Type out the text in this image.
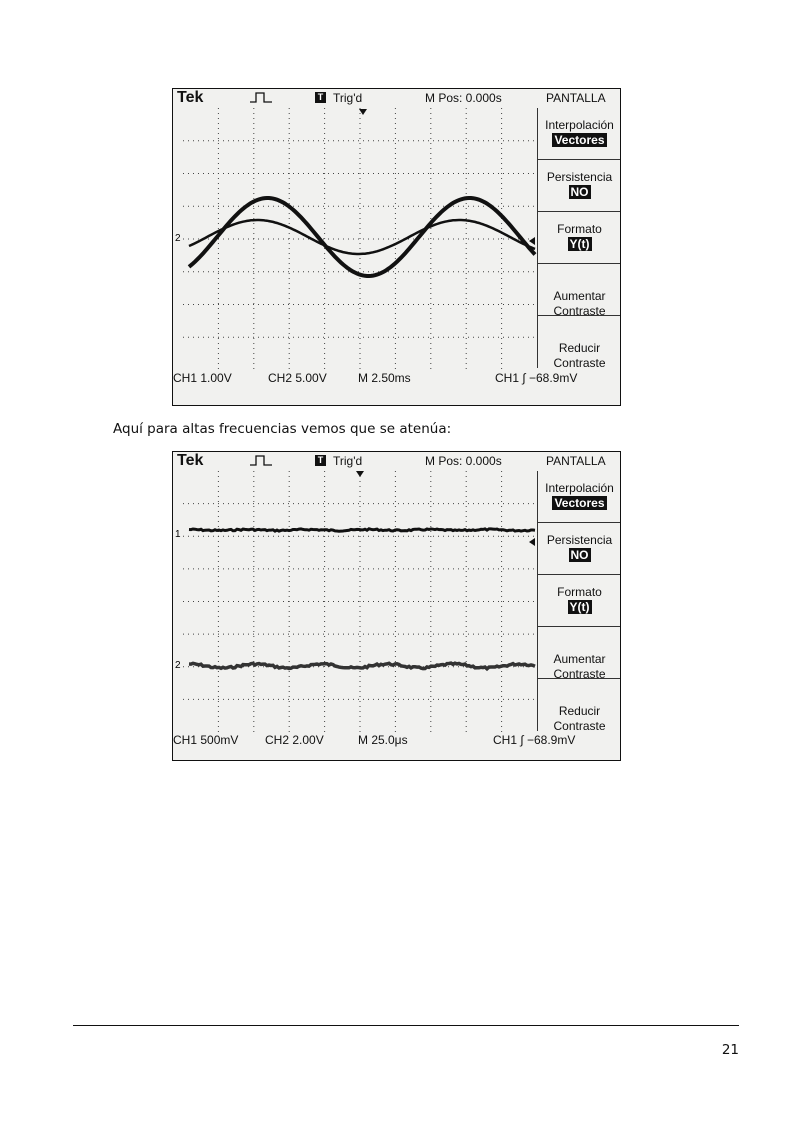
2
Tek	T Trig'd	M Pos: 0.000s	PANTALLA
Interpolación
Vectores
Persistencia
NO
Formato
Y(t)

Aumentar
Contraste

Reducir
Contraste

CH1 1.00V	CH2 5.00V	M 2.50ms	CH1 ∫ −68.9mV
Aquí para altas frecuencias vemos que se atenúa:
1
2
Tek	T Trig'd	M Pos: 0.000s	PANTALLA
Interpolación
Vectores
Persistencia
NO
Formato
Y(t)

Aumentar
Contraste

Reducir
Contraste

CH1 500mV CH2 2.00V	M 25.0μs	CH1 ∫ −68.9mV
21
